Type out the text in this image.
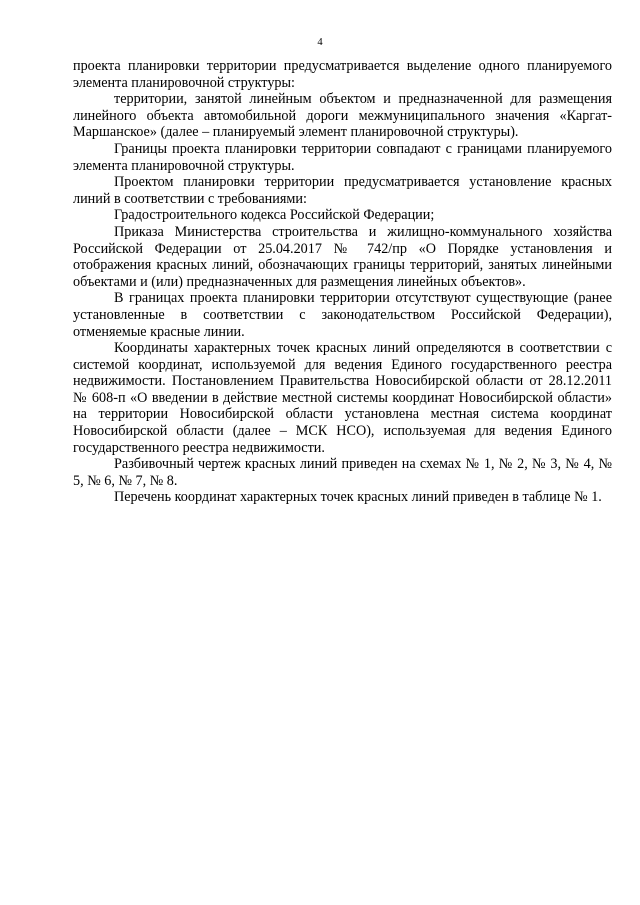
4

проекта планировки территории предусматривается выделение одного планируемого элемента планировочной структуры:

территории, занятой линейным объектом и предназначенной для размещения линейного объекта автомобильной дороги межмуниципального значения «Каргат-Маршанское» (далее – планируемый элемент планировочной структуры).

Границы проекта планировки территории совпадают с границами планируемого элемента планировочной структуры.

Проектом планировки территории предусматривается установление красных линий в соответствии с требованиями:

Градостроительного кодекса Российской Федерации;

Приказа Министерства строительства и жилищно-коммунального хозяйства Российской Федерации от 25.04.2017 № 742/пр «О Порядке установления и отображения красных линий, обозначающих границы территорий, занятых линейными объектами и (или) предназначенных для размещения линейных объектов».

В границах проекта планировки территории отсутствуют существующие (ранее установленные в соответствии с законодательством Российской Федерации), отменяемые красные линии.

Координаты характерных точек красных линий определяются в соответствии с системой координат, используемой для ведения Единого государственного реестра недвижимости. Постановлением Правительства Новосибирской области от 28.12.2011 № 608-п «О введении в действие местной системы координат Новосибирской области» на территории Новосибирской области установлена местная система координат Новосибирской области (далее – МСК НСО), используемая для ведения Единого государственного реестра недвижимости.

Разбивочный чертеж красных линий приведен на схемах № 1, № 2, № 3, № 4, № 5, № 6, № 7, № 8.

Перечень координат характерных точек красных линий приведен в таблице № 1.
